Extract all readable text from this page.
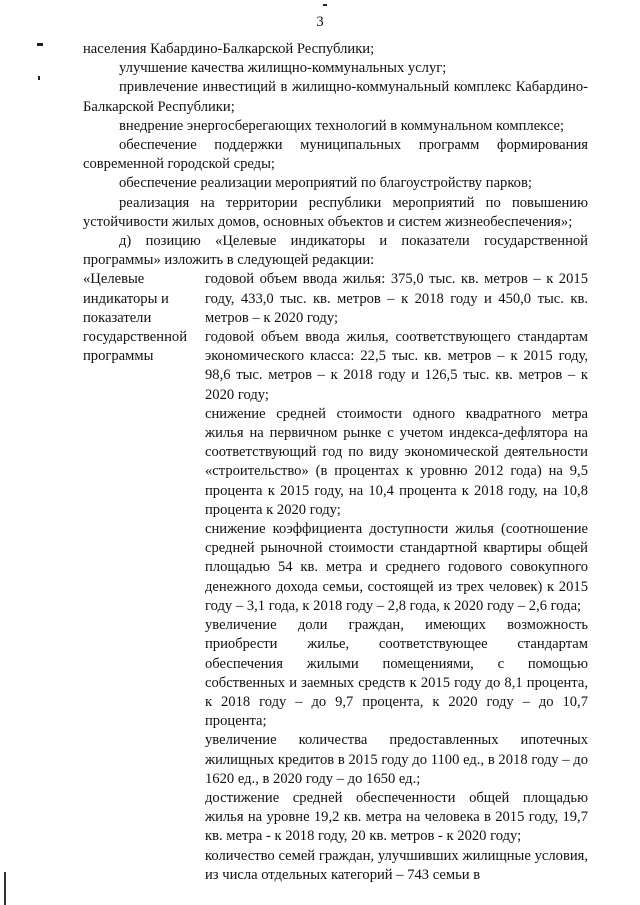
3

населения Кабардино-Балкарской Республики;

улучшение качества жилищно-коммунальных услуг;

привлечение инвестиций в жилищно-коммунальный комплекс Кабардино-Балкарской Республики;

внедрение энергосберегающих технологий в коммунальном комплексе;

обеспечение поддержки муниципальных программ формирования современной городской среды;

обеспечение реализации мероприятий по благоустройству парков;

реализация на территории республики мероприятий по повышению устойчивости жилых домов, основных объектов и систем жизнеобеспечения»;

д) позицию «Целевые индикаторы и показатели государственной программы» изложить в следующей редакции:

«Целевые индикаторы и показатели государственной программы

годовой объем ввода жилья: 375,0 тыс. кв. метров – к 2015 году, 433,0 тыс. кв. метров – к 2018 году и 450,0 тыс. кв. метров – к 2020 году;

годовой объем ввода жилья, соответствующего стандартам экономического класса: 22,5 тыс. кв. метров – к 2015 году, 98,6 тыс. метров – к 2018 году и 126,5 тыс. кв. метров – к 2020 году;

снижение средней стоимости одного квадратного метра жилья на первичном рынке с учетом индекса-дефлятора на соответствующий год по виду экономической деятельности «строительство» (в процентах к уровню 2012 года) на 9,5 процента к 2015 году, на 10,4 процента к 2018 году, на 10,8 процента к 2020 году;

снижение коэффициента доступности жилья (соотношение средней рыночной стоимости стандартной квартиры общей площадью 54 кв. метра и среднего годового совокупного денежного дохода семьи, состоящей из трех человек) к 2015 году – 3,1 года, к 2018 году – 2,8 года, к 2020 году – 2,6 года;

увеличение доли граждан, имеющих возможность приобрести жилье, соответствующее стандартам обеспечения жилыми помещениями, с помощью собственных и заемных средств к 2015 году до 8,1 процента, к 2018 году – до 9,7 процента, к 2020 году – до 10,7 процента;

увеличение количества предоставленных ипотечных жилищных кредитов в 2015 году до 1100 ед., в 2018 году – до 1620 ед., в 2020 году – до 1650 ед.;

достижение средней обеспеченности общей площадью жилья на уровне 19,2 кв. метра на человека в 2015 году, 19,7 кв. метра - к 2018 году, 20 кв. метров - к 2020 году;

количество семей граждан, улучшивших жилищные условия, из числа отдельных категорий – 743 семьи в
